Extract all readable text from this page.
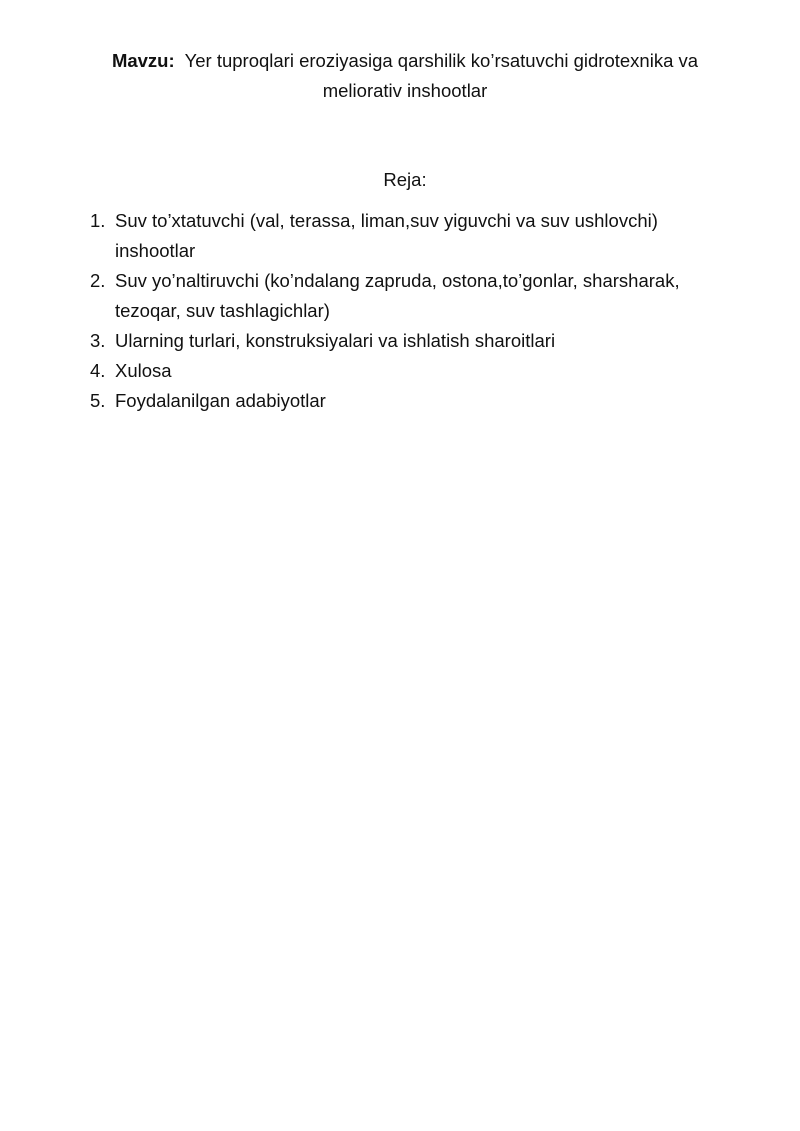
Mavzu: Yer tuproqlari eroziyasiga qarshilik ko’rsatuvchi gidrotexnika va meliorativ inshootlar
Reja:
1. Suv to’xtatuvchi (val, terassa, liman,suv yiguvchi va suv ushlovchi) inshootlar
2. Suv yo’naltiruvchi (ko’ndalang zapruda, ostona,to’gonlar, sharsharak, tezoqar, suv tashlagichlar)
3. Ularning turlari, konstruksiyalari va ishlatish sharoitlari
4. Xulosa
5. Foydalanilgan adabiyotlar
